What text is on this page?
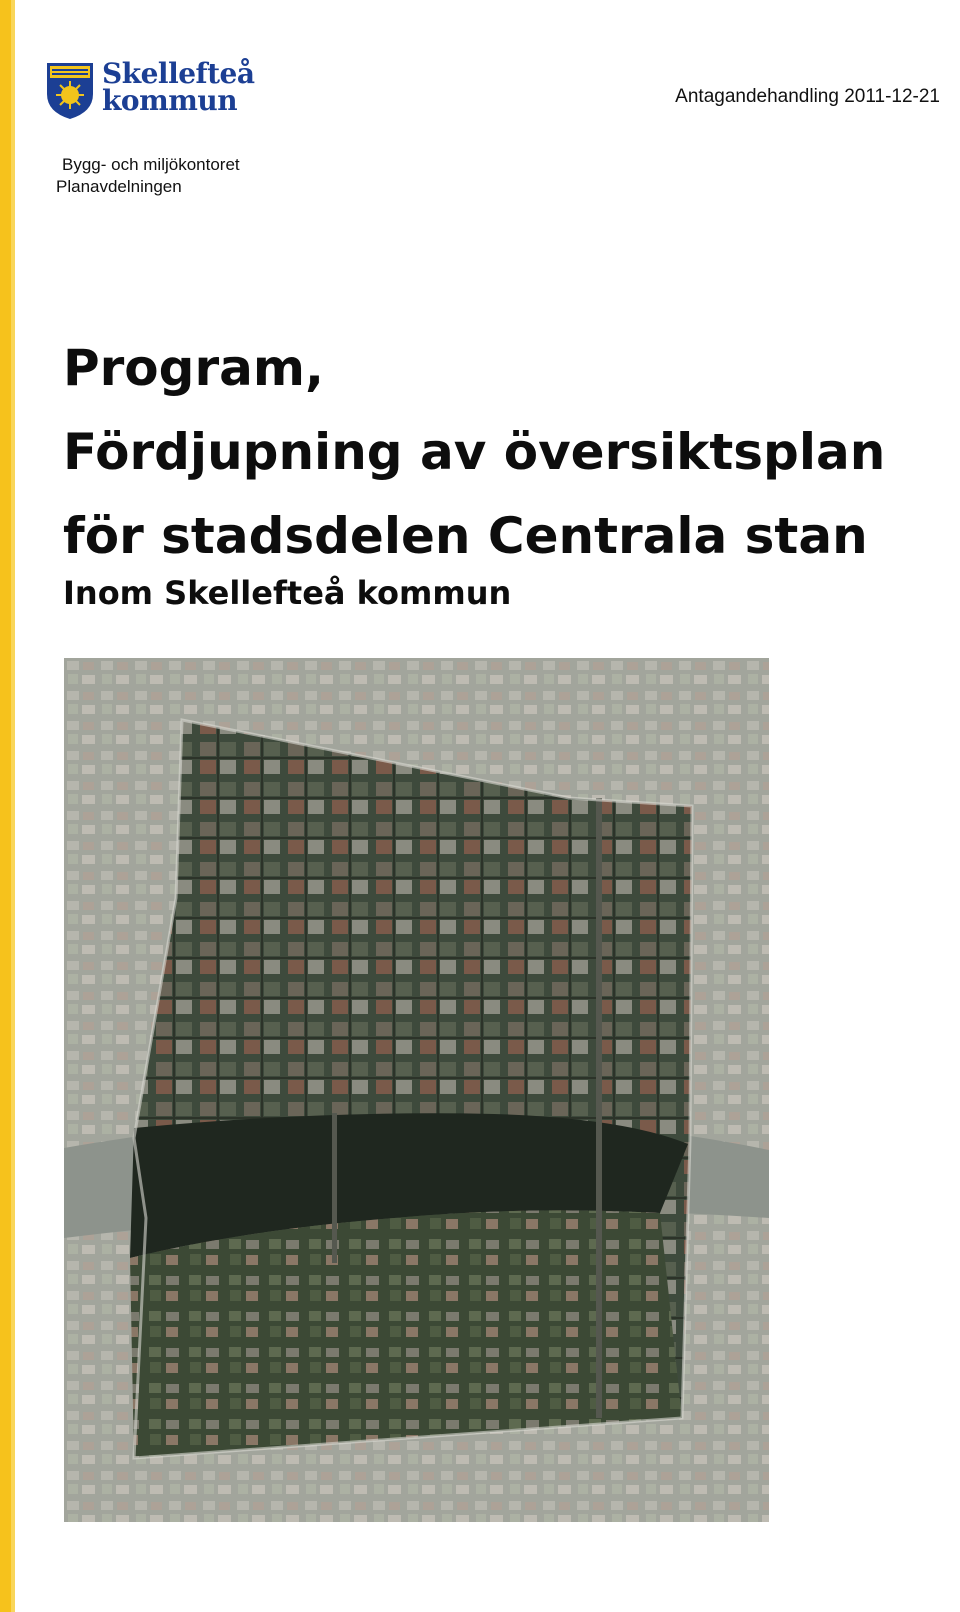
Skellefteå
kommun	Antagandehandling 2011-12-21
Bygg- och miljökontoret
Planavdelningen
Program,
Fördjupning av översiktsplan
för stadsdelen Centrala stan
Inom Skellefteå kommun
